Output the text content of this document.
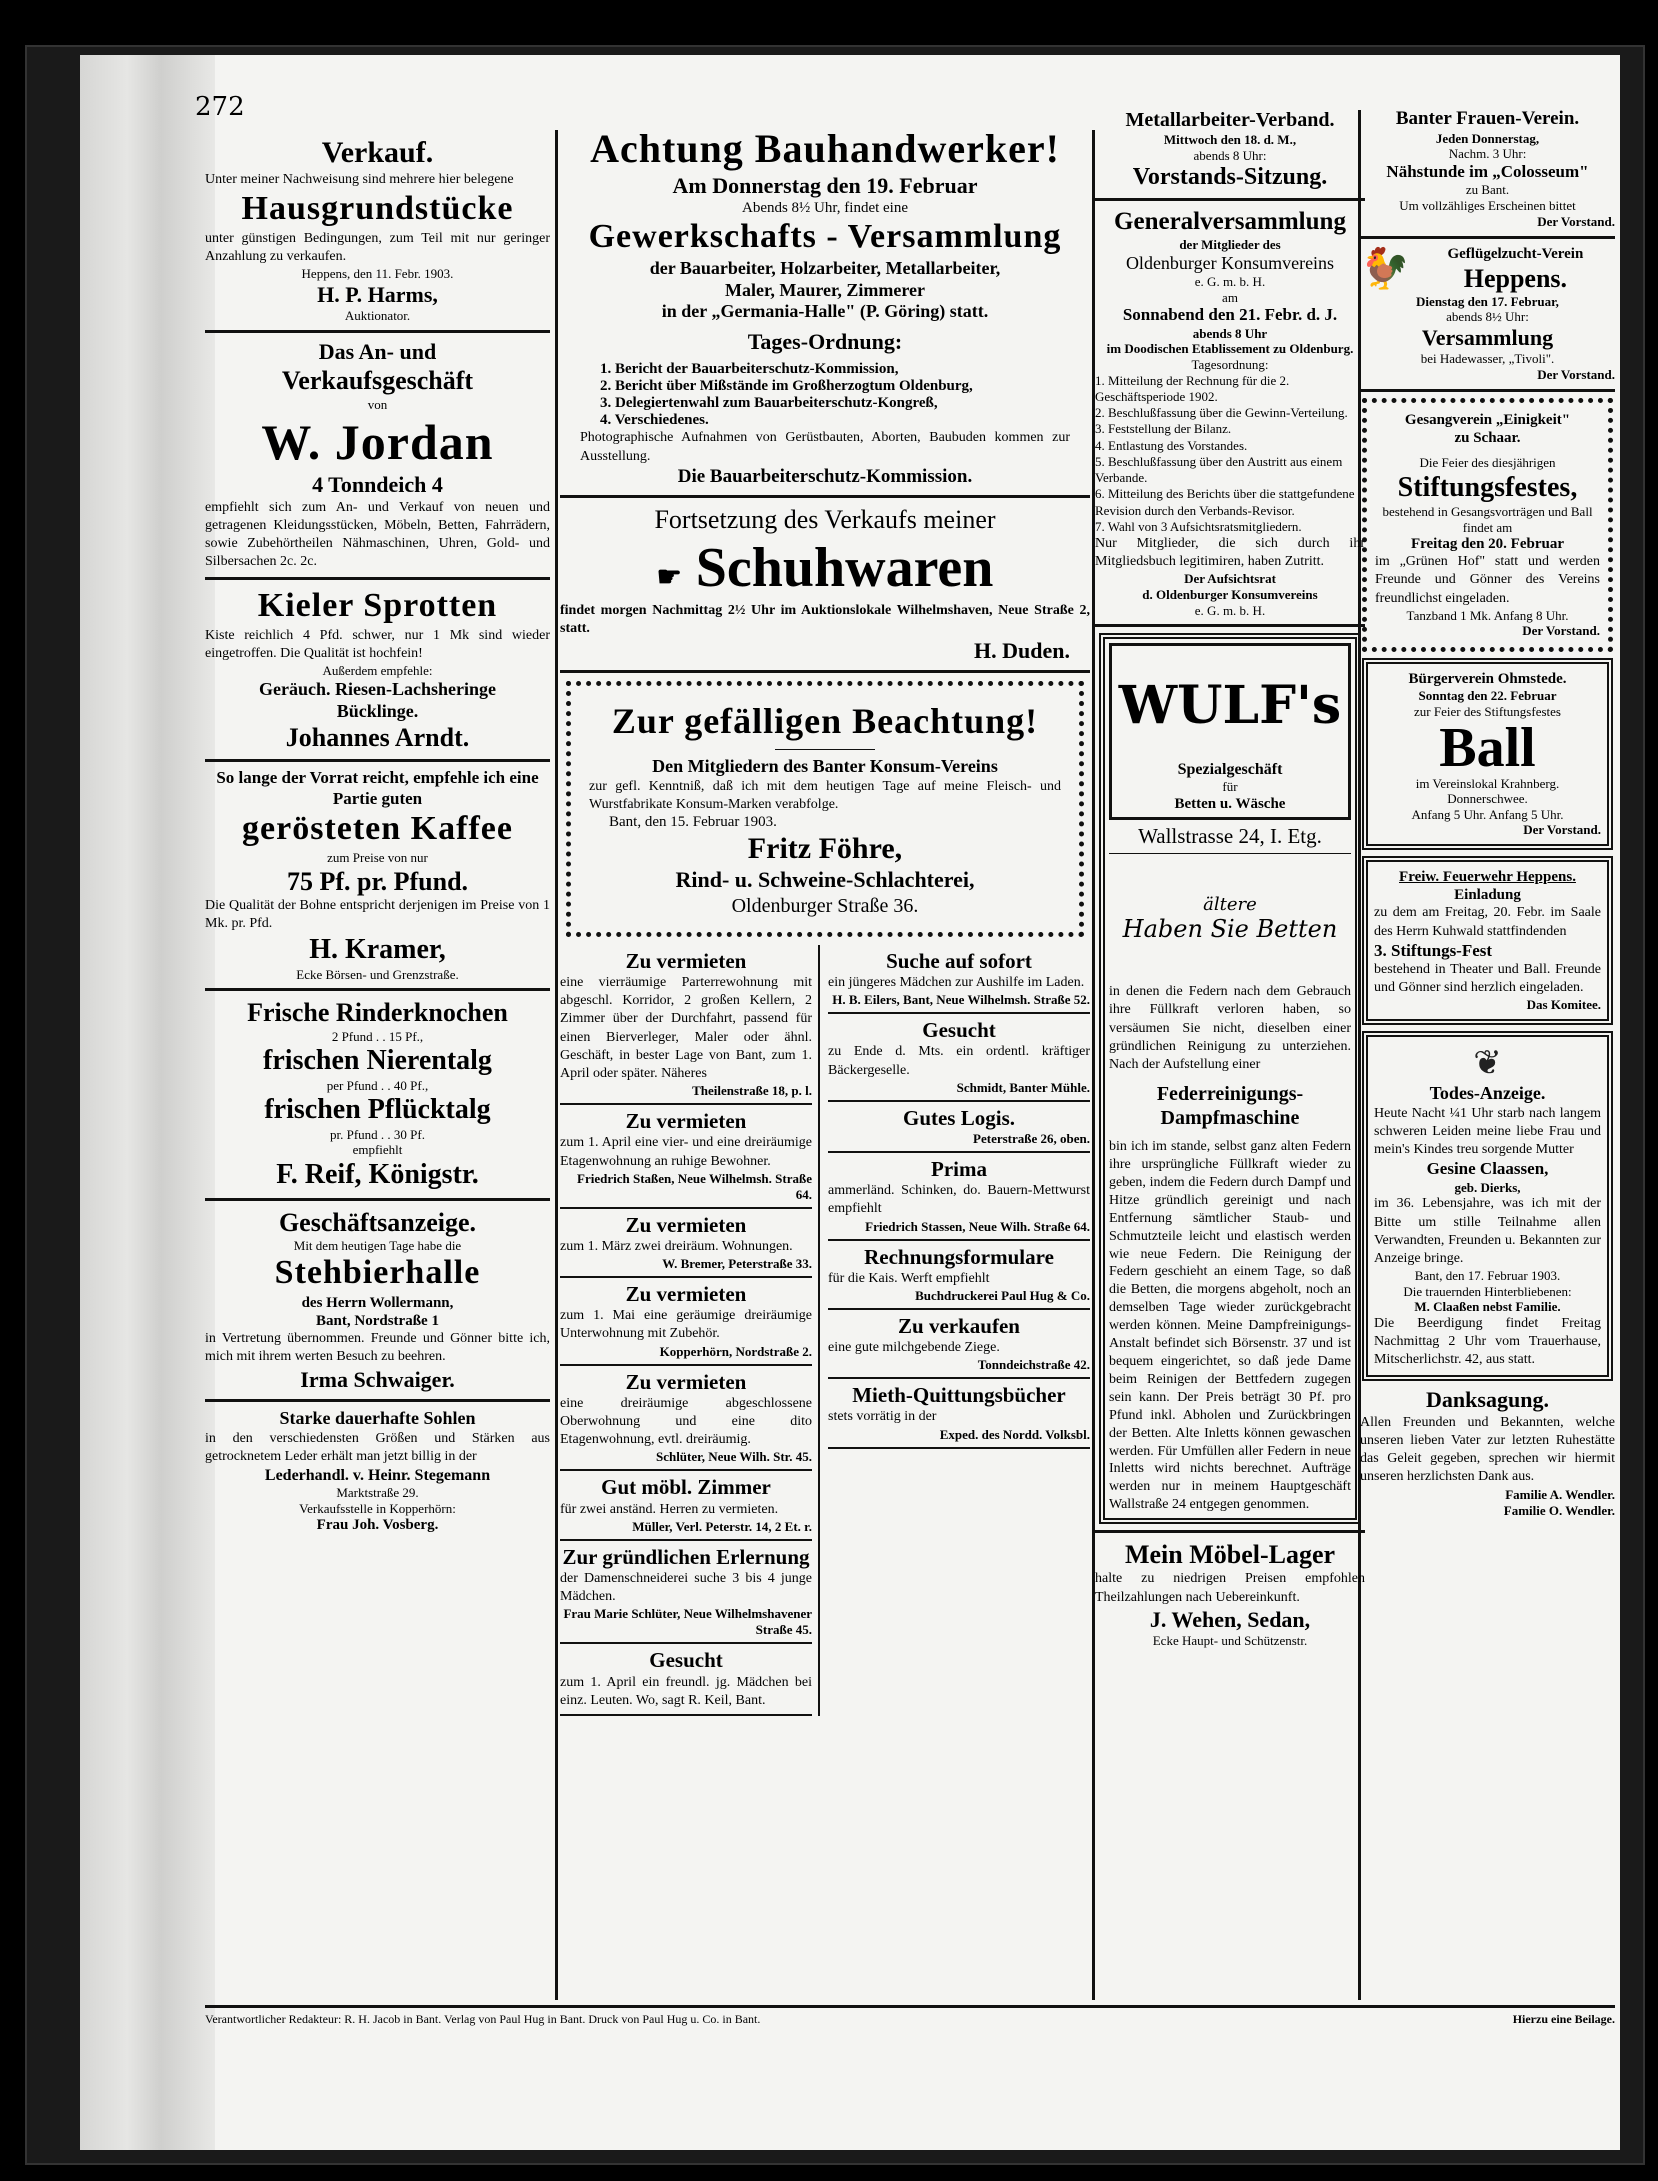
272
Verkauf.
Unter meiner Nachweisung sind mehrere hier belegene
Hausgrundstücke
unter günstigen Bedingungen, zum Teil mit nur geringer Anzahlung zu verkaufen.
Heppens, den 11. Febr. 1903.
H. P. Harms,
Auktionator.
Das An- und
Verkaufsgeschäft
von
W. Jordan
4 Tonndeich 4
empfiehlt sich zum An- und Verkauf von neuen und getragenen Kleidungsstücken, Möbeln, Betten, Fahrrädern, sowie Zubehörtheilen Nähmaschinen, Uhren, Gold- und Silbersachen 2c. 2c.
Kieler Sprotten
Kiste reichlich 4 Pfd. schwer, nur 1 Mk sind wieder eingetroffen. Die Qualität ist hochfein!
Außerdem empfehle:
Geräuch. Riesen-Lachsheringe
Bücklinge.
Johannes Arndt.
So lange der Vorrat reicht, empfehle ich eine Partie guten
gerösteten Kaffee
zum Preise von nur
75 Pf. pr. Pfund.
Die Qualität der Bohne entspricht derjenigen im Preise von 1 Mk. pr. Pfd.
H. Kramer,
Ecke Börsen- und Grenzstraße.
Frische Rinderknochen
2 Pfund . . 15 Pf.,
frischen Nierentalg
per Pfund . . 40 Pf.,
frischen Pflücktalg
pr. Pfund . . 30 Pf.
empfiehlt
F. Reif, Königstr.
Geschäftsanzeige.
Mit dem heutigen Tage habe die
Stehbierhalle
des Herrn Wollermann,
Bant, Nordstraße 1
in Vertretung übernommen. Freunde und Gönner bitte ich, mich mit ihrem werten Besuch zu beehren.
Irma Schwaiger.
Starke dauerhafte Sohlen
in den verschiedensten Größen und Stärken aus getrocknetem Leder erhält man jetzt billig in der
Lederhandl. v. Heinr. Stegemann
Marktstraße 29.
Verkaufsstelle in Kopperhörn:
Frau Joh. Vosberg.
Achtung Bauhandwerker!
Am Donnerstag den 19. Februar
Abends 8½ Uhr, findet eine
Gewerkschafts - Versammlung
der Bauarbeiter, Holzarbeiter, Metallarbeiter,
Maler, Maurer, Zimmerer
in der „Germania-Halle" (P. Göring) statt.
Tages-Ordnung:
1. Bericht der Bauarbeiterschutz-Kommission,
2. Bericht über Mißstände im Großherzogtum Oldenburg,
3. Delegiertenwahl zum Bauarbeiterschutz-Kongreß,
4. Verschiedenes.
Photographische Aufnahmen von Gerüstbauten, Aborten, Baubuden kommen zur Ausstellung.
Die Bauarbeiterschutz-Kommission.
Fortsetzung des Verkaufs meiner
☛ Schuhwaren
findet morgen Nachmittag 2½ Uhr im Auktionslokale Wilhelmshaven, Neue Straße 2, statt.
H. Duden.
Zur gefälligen Beachtung!
Den Mitgliedern des Banter Konsum-Vereins
zur gefl. Kenntniß, daß ich mit dem heutigen Tage auf meine Fleisch- und Wurstfabrikate Konsum-Marken verabfolge.
Bant, den 15. Februar 1903.
Fritz Föhre,
Rind- u. Schweine-Schlachterei,
Oldenburger Straße 36.
Zu vermieten
eine vierräumige Parterrewohnung mit abgeschl. Korridor, 2 großen Kellern, 2 Zimmer über der Durchfahrt, passend für einen Bierverleger, Maler oder ähnl. Geschäft, in bester Lage von Bant, zum 1. April oder später. Näheres
Theilenstraße 18, p. l.
Zu vermieten
zum 1. April eine vier- und eine dreiräumige Etagenwohnung an ruhige Bewohner.
Friedrich Staßen, Neue Wilhelmsh. Straße 64.
Zu vermieten
zum 1. März zwei dreiräum. Wohnungen.
W. Bremer, Peterstraße 33.
Zu vermieten
zum 1. Mai eine geräumige dreiräumige Unterwohnung mit Zubehör.
Kopperhörn, Nordstraße 2.
Zu vermieten
eine dreiräumige abgeschlossene Oberwohnung und eine dito Etagenwohnung, evtl. dreiräumig.
Schlüter, Neue Wilh. Str. 45.
Gut möbl. Zimmer
für zwei anständ. Herren zu vermieten.
Müller, Verl. Peterstr. 14, 2 Et. r.
Zur gründlichen Erlernung
der Damenschneiderei suche 3 bis 4 junge Mädchen.
Frau Marie Schlüter, Neue Wilhelmshavener Straße 45.
Gesucht
zum 1. April ein freundl. jg. Mädchen bei einz. Leuten. Wo, sagt R. Keil, Bant.
Suche auf sofort
ein jüngeres Mädchen zur Aushilfe im Laden.
H. B. Eilers, Bant, Neue Wilhelmsh. Straße 52.
Gesucht
zu Ende d. Mts. ein ordentl. kräftiger Bäckergeselle.
Schmidt, Banter Mühle.
Gutes Logis.
Peterstraße 26, oben.
Prima
ammerländ. Schinken, do. Bauern-Mettwurst empfiehlt
Friedrich Stassen, Neue Wilh. Straße 64.
Rechnungsformulare
für die Kais. Werft empfiehlt
Buchdruckerei Paul Hug & Co.
Zu verkaufen
eine gute milchgebende Ziege.
Tonndeichstraße 42.
Mieth-Quittungsbücher
stets vorrätig in der
Exped. des Nordd. Volksbl.
Metallarbeiter-Verband.
Mittwoch den 18. d. M.,
abends 8 Uhr:
Vorstands-Sitzung.
Generalversammlung
der Mitglieder des
Oldenburger Konsumvereins
e. G. m. b. H.
am
Sonnabend den 21. Febr. d. J.
abends 8 Uhr
im Doodischen Etablissement zu Oldenburg.
Tagesordnung:
1. Mitteilung der Rechnung für die 2. Geschäftsperiode 1902.
2. Beschlußfassung über die Gewinn-Verteilung.
3. Feststellung der Bilanz.
4. Entlastung des Vorstandes.
5. Beschlußfassung über den Austritt aus einem Verbande.
6. Mitteilung des Berichts über die stattgefundene Revision durch den Verbands-Revisor.
7. Wahl von 3 Aufsichtsratsmitgliedern.
Nur Mitglieder, die sich durch ihr Mitgliedsbuch legitimiren, haben Zutritt.
Der Aufsichtsrat
d. Oldenburger Konsumvereins
e. G. m. b. H.
WULF's
Spezialgeschäft
für
Betten u. Wäsche
Wallstrasse 24, I. Etg.
ältere
Haben Sie Betten
in denen die Federn nach dem Gebrauch ihre Füllkraft verloren haben, so versäumen Sie nicht, dieselben einer gründlichen Reinigung zu unterziehen. Nach der Aufstellung einer
Federreinigungs-Dampfmaschine
bin ich im stande, selbst ganz alten Federn ihre ursprüngliche Füllkraft wieder zu geben, indem die Federn durch Dampf und Hitze gründlich gereinigt und nach Entfernung sämtlicher Staub- und Schmutzteile leicht und elastisch werden wie neue Federn. Die Reinigung der Federn geschieht an einem Tage, so daß die Betten, die morgens abgeholt, noch an demselben Tage wieder zurückgebracht werden können. Meine Dampfreinigungs-Anstalt befindet sich Börsenstr. 37 und ist bequem eingerichtet, so daß jede Dame beim Reinigen der Bettfedern zugegen sein kann. Der Preis beträgt 30 Pf. pro Pfund inkl. Abholen und Zurückbringen der Betten. Alte Inletts können gewaschen werden. Für Umfüllen aller Federn in neue Inletts wird nichts berechnet. Aufträge werden nur in meinem Hauptgeschäft Wallstraße 24 entgegen genommen.
Mein Möbel-Lager
halte zu niedrigen Preisen empfohlen Theilzahlungen nach Uebereinkunft.
J. Wehen, Sedan,
Ecke Haupt- und Schützenstr.
Banter Frauen-Verein.
Jeden Donnerstag,
Nachm. 3 Uhr:
Nähstunde im „Colosseum"
zu Bant.
Um vollzähliges Erscheinen bittet
Der Vorstand.
🐓	Geflügelzucht-Verein
Heppens.
Dienstag den 17. Februar,
abends 8½ Uhr:
Versammlung
bei Hadewasser, „Tivoli".
Der Vorstand.
Gesangverein „Einigkeit"
zu Schaar.
Die Feier des diesjährigen
Stiftungsfestes,
bestehend in Gesangsvorträgen und Ball
findet am
Freitag den 20. Februar
im „Grünen Hof" statt und werden Freunde und Gönner des Vereins freundlichst eingeladen.
Tanzband 1 Mk. Anfang 8 Uhr.
Der Vorstand.
Bürgerverein Ohmstede.
Sonntag den 22. Februar
zur Feier des Stiftungsfestes
Ball
im Vereinslokal Krahnberg. Donnerschwee.
Anfang 5 Uhr. Anfang 5 Uhr.
Der Vorstand.
Freiw. Feuerwehr Heppens.
Einladung
zu dem am Freitag, 20. Febr. im Saale des Herrn Kuhwald stattfindenden
3. Stiftungs-Fest
bestehend in Theater und Ball. Freunde und Gönner sind herzlich eingeladen.
Das Komitee.
❦
Todes-Anzeige.
Heute Nacht ¼1 Uhr starb nach langem schweren Leiden meine liebe Frau und mein's Kindes treu sorgende Mutter
Gesine Claassen,
geb. Dierks,
im 36. Lebensjahre, was ich mit der Bitte um stille Teilnahme allen Verwandten, Freunden u. Bekannten zur Anzeige bringe.
Bant, den 17. Februar 1903.
Die trauernden Hinterbliebenen:
M. Claaßen nebst Familie.
Die Beerdigung findet Freitag Nachmittag 2 Uhr vom Trauerhause, Mitscherlichstr. 42, aus statt.
Danksagung.
Allen Freunden und Bekannten, welche unseren lieben Vater zur letzten Ruhestätte das Geleit gegeben, sprechen wir hiermit unseren herzlichsten Dank aus.
Familie A. Wendler.
Familie O. Wendler.
Verantwortlicher Redakteur: R. H. Jacob in Bant. Verlag von Paul Hug in Bant. Druck von Paul Hug u. Co. in Bant.	Hierzu eine Beilage.
